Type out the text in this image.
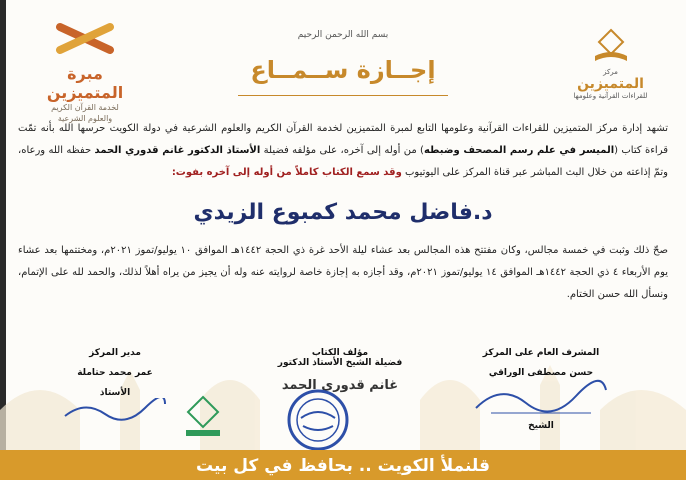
مبرة المتميزين
لخدمة القرآن الكريم
والعلوم الشرعية
مركز
المتميزين
للقراءات القرآنية وعلومها
بسم الله الرحمن الرحيم
إجــازة ســمــاع
تشهد إدارة مركز المتميزين للقراءات القرآنية وعلومها التابع لمبرة المتميزين لخدمة القرآن الكريم والعلوم الشرعية في دولة الكويت حرسها الله بأنه تمّت قراءة كتاب (الميسر في علم رسم المصحف وضبطه) من أوله إلى آخره، على مؤلفه فضيلة الأستاذ الدكتور غانم قدوري الحمد حفظه الله ورعاه، وتمّ إذاعته من خلال البث المباشر عبر قناة المركز على اليوتيوب وقد سمع الكتاب كاملاً من أوله إلى آخره بفوت:
د.فاضل محمد كمبوع الزيدي
صحّ ذلك وثبت في خمسة مجالس، وكان مفتتح هذه المجالس بعد عشاء ليلة الأحد غرة ذي الحجة ١٤٤٢هـ الموافق ١٠ يوليو/تموز ٢٠٢١م، ومختتمها بعد عشاء يوم الأربعاء ٤ ذي الحجة ١٤٤٢هـ الموافق ١٤ يوليو/تموز ٢٠٢١م، وقد أجازه به إجازة خاصة لروايته عنه وله أن يجيز من يراه أهلاً لذلك، والحمد لله على الإتمام، ونسأل الله حسن الختام.
المشرف العام على المركز
حسن مصطفى الوراقي
الشيخ
مؤلف الكتاب
فضيلة الشيخ الأستاذ الدكتور
غانم قدوري الحمد
مدير المركز
عمر محمد حتاملة
الأستاذ
قلنملأ الكويت .. بحافظ في كل بيت
